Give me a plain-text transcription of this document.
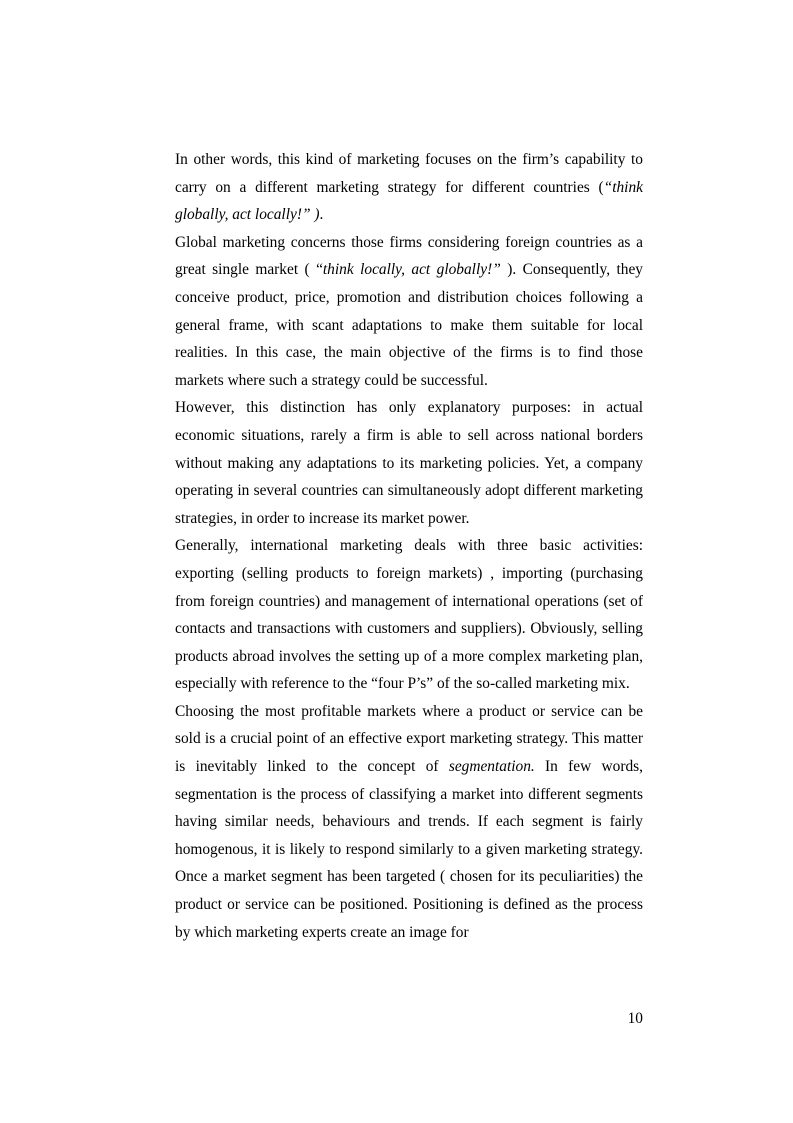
In other words, this kind of marketing focuses on the firm’s capability to carry on a different marketing strategy for different countries (“think globally, act locally!” ).

Global marketing concerns those firms considering foreign countries as a great single market ( “think locally, act globally!” ). Consequently, they conceive product, price, promotion and distribution choices following a general frame, with scant adaptations to make them suitable for local realities. In this case, the main objective of the firms is to find those markets where such a strategy could be successful.

However, this distinction has only explanatory purposes: in actual economic situations, rarely a firm is able to sell across national borders without making any adaptations to its marketing policies. Yet, a company operating in several countries can simultaneously adopt different marketing strategies, in order to increase its market power.

Generally, international marketing deals with three basic activities: exporting (selling products to foreign markets) , importing (purchasing from foreign countries) and management of international operations (set of contacts and transactions with customers and suppliers). Obviously, selling products abroad involves the setting up of a more complex marketing plan, especially with reference to the “four P’s” of the so-called marketing mix.

Choosing the most profitable markets where a product or service can be sold is a crucial point of an effective export marketing strategy. This matter is inevitably linked to the concept of segmentation. In few words, segmentation is the process of classifying a market into different segments having similar needs, behaviours and trends. If each segment is fairly homogenous, it is likely to respond similarly to a given marketing strategy. Once a market segment has been targeted ( chosen for its peculiarities) the product or service can be positioned. Positioning is defined as the process by which marketing experts create an image for

10
